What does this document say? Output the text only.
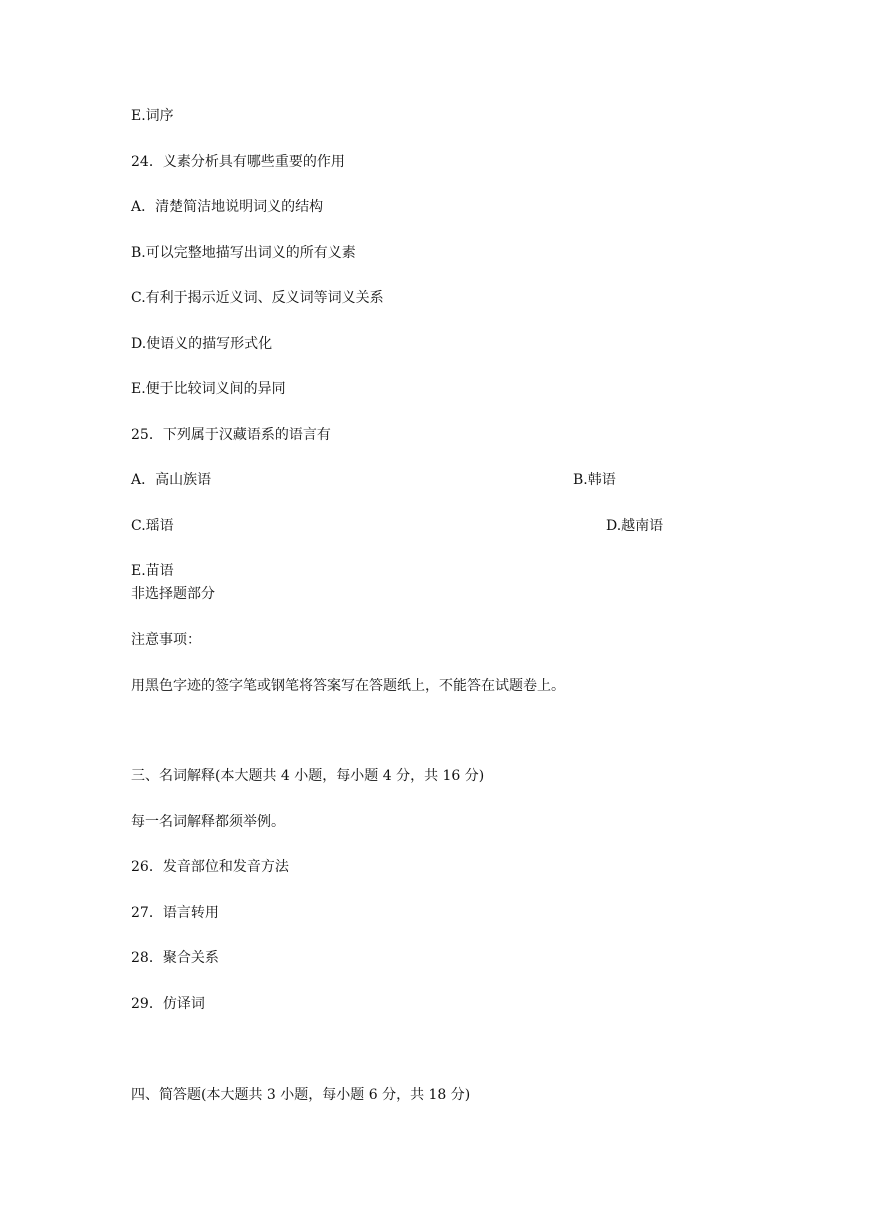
E.词序
24．义素分析具有哪些重要的作用
A．清楚简洁地说明词义的结构
B.可以完整地描写出词义的所有义素
C.有利于揭示近义词、反义词等词义关系
D.使语义的描写形式化
E.便于比较词义间的异同
25．下列属于汉藏语系的语言有
A．高山族语	B.韩语
C.瑶语	D.越南语
E.苗语
非选择题部分
注意事项：
用黑色字迹的签字笔或钢笔将答案写在答题纸上，不能答在试题卷上。
三、名词解释(本大题共 4 小题，每小题 4 分，共 16 分)
每一名词解释都须举例。
26．发音部位和发音方法
27．语言转用
28．聚合关系
29．仿译词
四、简答题(本大题共 3 小题，每小题 6 分，共 18 分)
